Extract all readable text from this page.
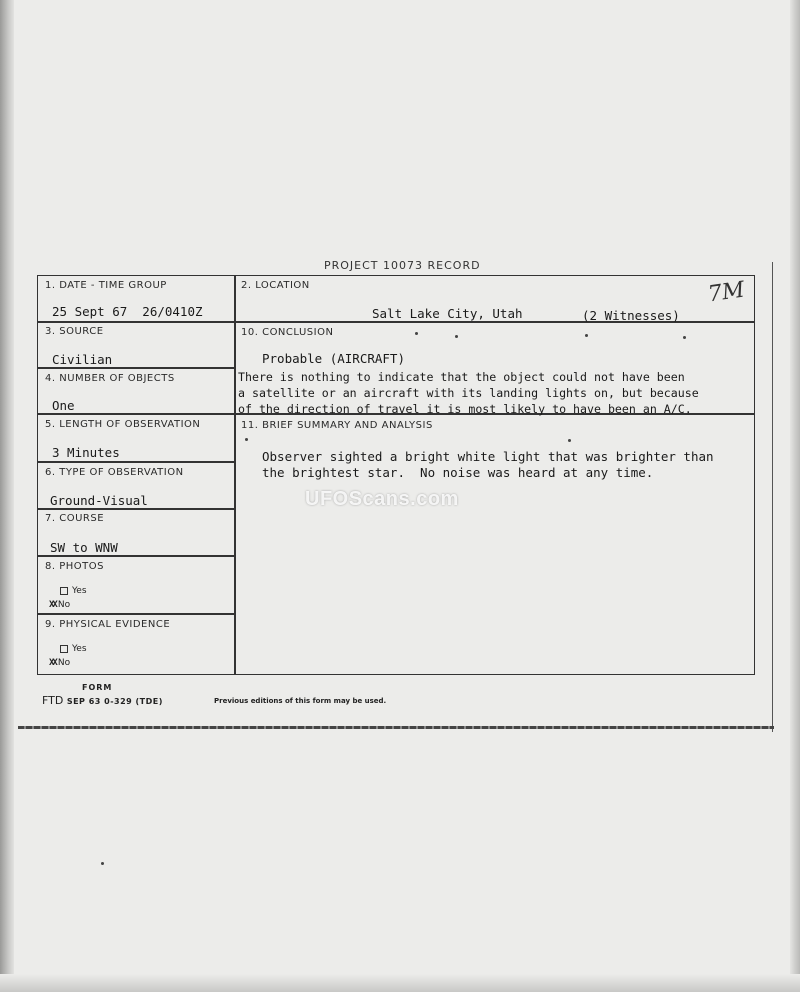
PROJECT 10073 RECORD
1. DATE - TIME GROUP
25 Sept 67  26/0410Z
2. LOCATION
Salt Lake City, Utah	(2 Witnesses)
7M
3. SOURCE
Civilian
4. NUMBER OF OBJECTS
One
5. LENGTH OF OBSERVATION
3 Minutes
6. TYPE OF OBSERVATION
Ground-Visual
7. COURSE
SW to WNW
8. PHOTOS
Yes
XX No
9. PHYSICAL EVIDENCE
Yes
XX No
10. CONCLUSION
Probable (AIRCRAFT)
There is nothing to indicate that the object could not have been
a satellite or an aircraft with its landing lights on, but because
of the direction of travel it is most likely to have been an A/C.
11. BRIEF SUMMARY AND ANALYSIS
Observer sighted a bright white light that was brighter than
the brightest star.  No noise was heard at any time.
UFOScans.com
FORM
FTD SEP 63 0-329 (TDE)	Previous editions of this form may be used.
